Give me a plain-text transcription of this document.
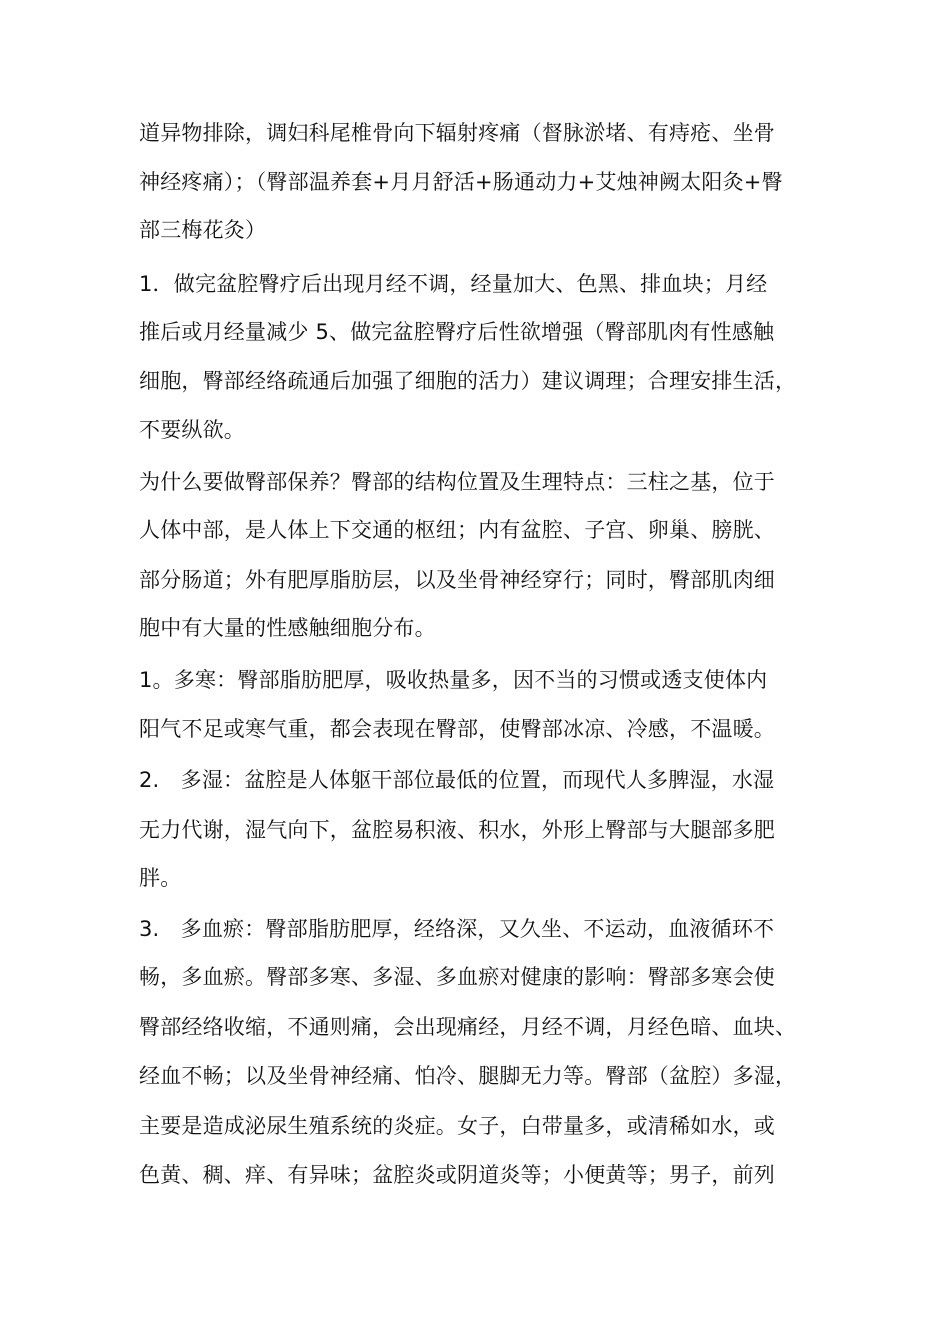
道异物排除，调妇科尾椎骨向下辐射疼痛（督脉淤堵、有痔疮、坐骨
神经疼痛）；（臀部温养套+月月舒活+肠通动力+艾烛神阙太阳灸+臀
部三梅花灸）
1．做完盆腔臀疗后出现月经不调，经量加大、色黑、排血块；月经
推后或月经量减少 5、做完盆腔臀疗后性欲增强（臀部肌肉有性感触
细胞，臀部经络疏通后加强了细胞的活力）建议调理；合理安排生活，
不要纵欲。
为什么要做臀部保养？臀部的结构位置及生理特点：三柱之基，位于
人体中部，是人体上下交通的枢纽；内有盆腔、子宫、卵巢、膀胱、
部分肠道；外有肥厚脂肪层，以及坐骨神经穿行；同时，臀部肌肉细
胞中有大量的性感触细胞分布。
1。多寒：臀部脂肪肥厚，吸收热量多，因不当的习惯或透支使体内
阳气不足或寒气重，都会表现在臀部，使臀部冰凉、冷感，不温暖。
2.　多湿：盆腔是人体躯干部位最低的位置，而现代人多脾湿，水湿
无力代谢，湿气向下，盆腔易积液、积水，外形上臀部与大腿部多肥
胖。
3.　多血瘀：臀部脂肪肥厚，经络深，又久坐、不运动，血液循环不
畅，多血瘀。臀部多寒、多湿、多血瘀对健康的影响：臀部多寒会使
臀部经络收缩，不通则痛，会出现痛经，月经不调，月经色暗、血块、
经血不畅；以及坐骨神经痛、怕冷、腿脚无力等。臀部（盆腔）多湿，
主要是造成泌尿生殖系统的炎症。女子，白带量多，或清稀如水，或
色黄、稠、痒、有异味；盆腔炎或阴道炎等；小便黄等；男子，前列
